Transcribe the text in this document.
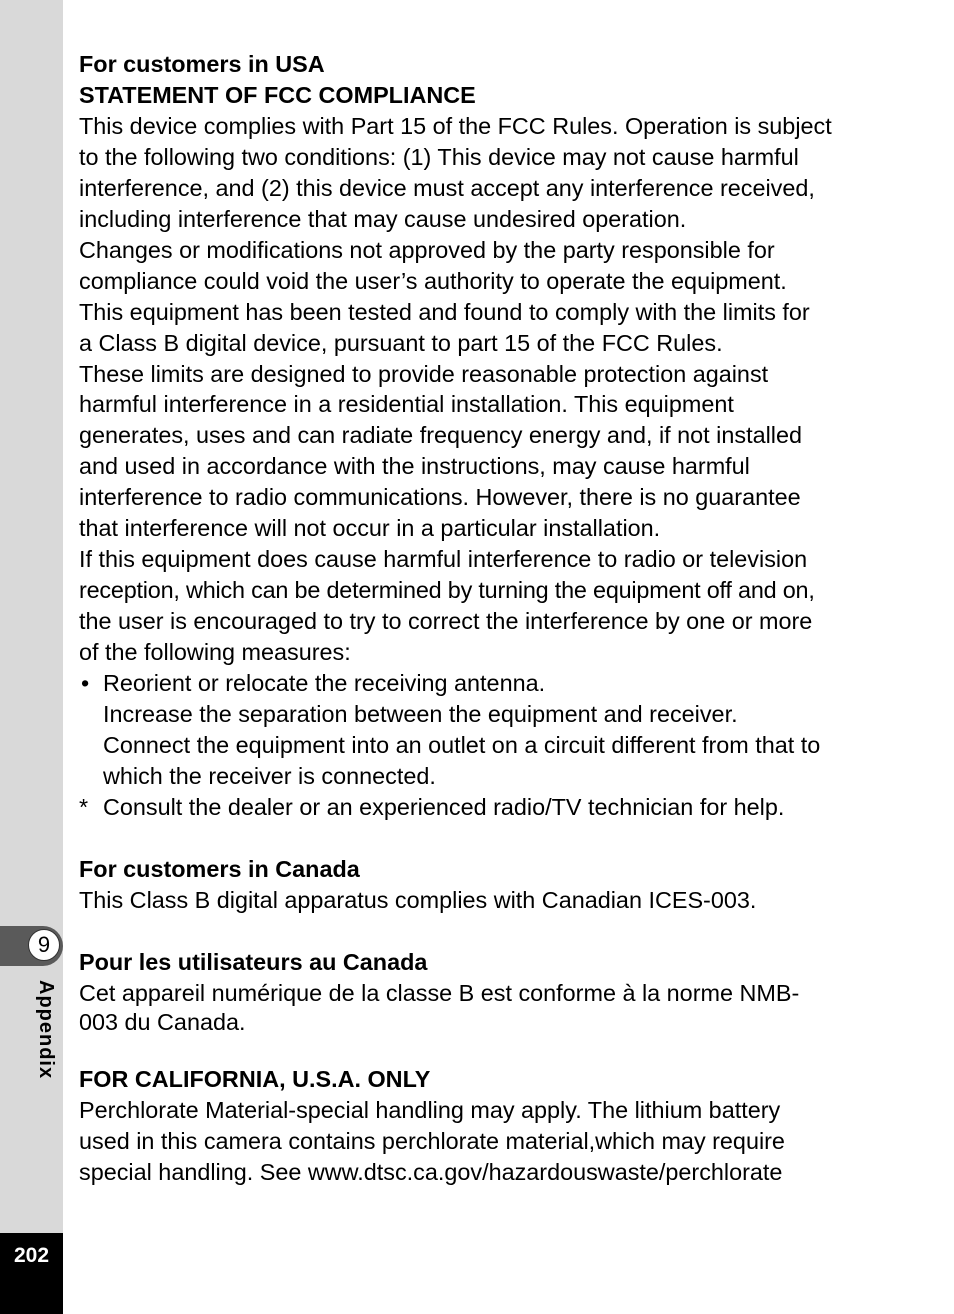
9
Appendix
202

For customers in USA

STATEMENT OF FCC COMPLIANCE

This device complies with Part 15 of the FCC Rules. Operation is subject

to the following two conditions: (1) This device may not cause harmful

interference, and (2) this device must accept any interference received,

including interference that may cause undesired operation.

Changes or modifications not approved by the party responsible for

compliance could void the user’s authority to operate the equipment.

This equipment has been tested and found to comply with the limits for

a Class B digital device, pursuant to part 15 of the FCC Rules.

These limits are designed to provide reasonable protection against

harmful interference in a residential installation. This equipment

generates, uses and can radiate frequency energy and, if not installed

and used in accordance with the instructions, may cause harmful

interference to radio communications. However, there is no guarantee

that interference will not occur in a particular installation.

If this equipment does cause harmful interference to radio or television

reception, which can be determined by turning the equipment off and on,

the user is encouraged to try to correct the interference by one or more

of the following measures:

• Reorient or relocate the receiving antenna.

Increase the separation between the equipment and receiver.

Connect the equipment into an outlet on a circuit different from that to

which the receiver is connected.

* Consult the dealer or an experienced radio/TV technician for help.

For customers in Canada

This Class B digital apparatus complies with Canadian ICES-003.

Pour les utilisateurs au Canada

Cet appareil numérique de la classe B est conforme à la norme NMB-

003 du Canada.

FOR CALIFORNIA, U.S.A. ONLY

Perchlorate Material-special handling may apply. The lithium battery

used in this camera contains perchlorate material,which may require

special handling. See www.dtsc.ca.gov/hazardouswaste/perchlorate
